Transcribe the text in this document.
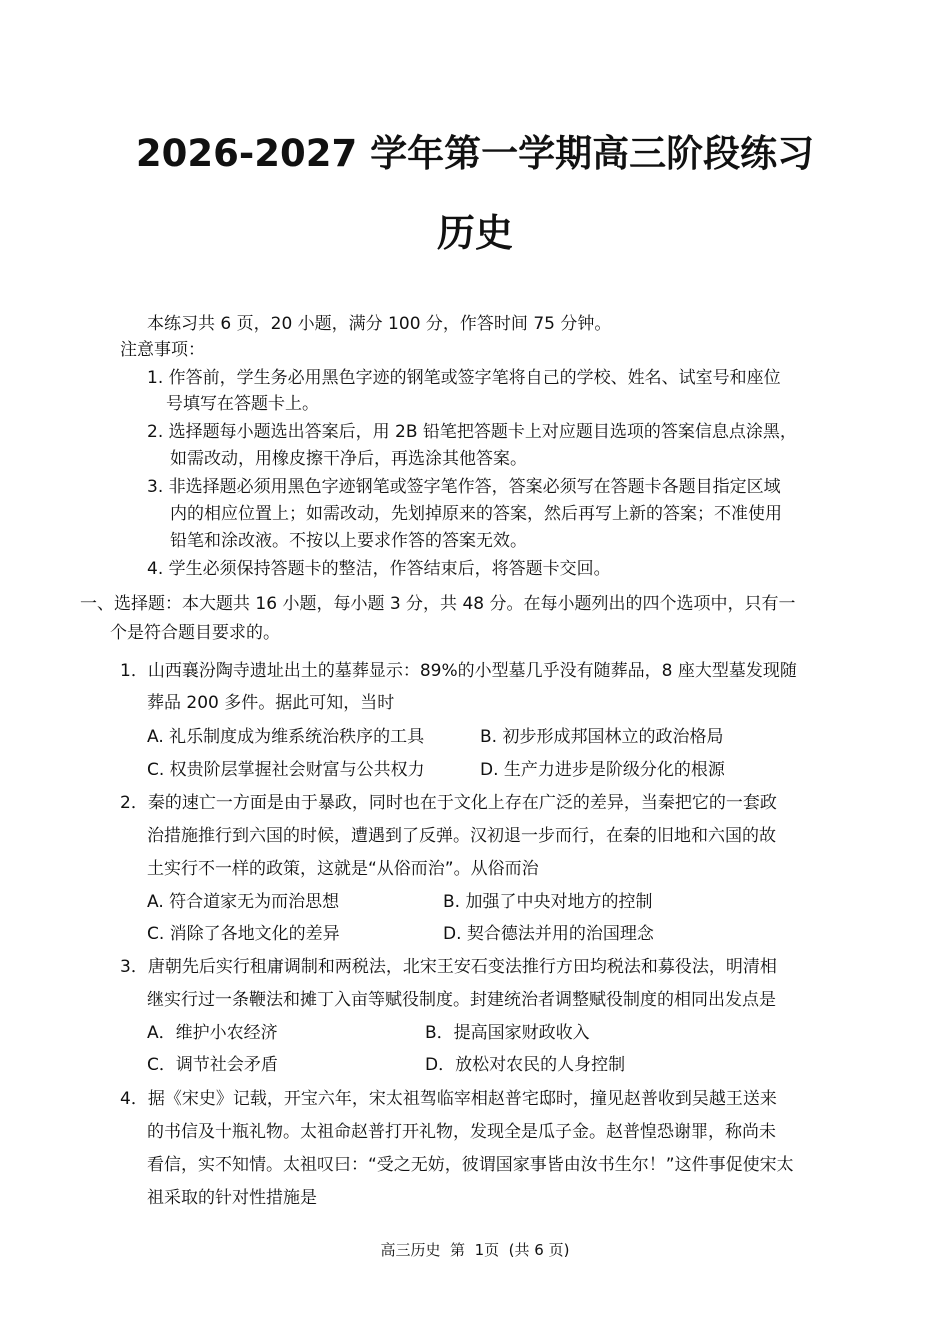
2026-2027 学年第一学期高三阶段练习
历史
本练习共 6 页，20 小题，满分 100 分，作答时间 75 分钟。
注意事项：
1. 作答前，学生务必用黑色字迹的钢笔或签字笔将自己的学校、姓名、试室号和座位
号填写在答题卡上。
2. 选择题每小题选出答案后，用 2B 铅笔把答题卡上对应题目选项的答案信息点涂黑，
如需改动，用橡皮擦干净后，再选涂其他答案。
3. 非选择题必须用黑色字迹钢笔或签字笔作答，答案必须写在答题卡各题目指定区域
内的相应位置上；如需改动，先划掉原来的答案，然后再写上新的答案；不准使用
铅笔和涂改液。不按以上要求作答的答案无效。
4. 学生必须保持答题卡的整洁，作答结束后，将答题卡交回。
一、选择题：本大题共 16 小题，每小题 3 分，共 48 分。在每小题列出的四个选项中，只有一
个是符合题目要求的。
1．山西襄汾陶寺遗址出土的墓葬显示：89%的小型墓几乎没有随葬品，8 座大型墓发现随
葬品 200 多件。据此可知，当时
A. 礼乐制度成为维系统治秩序的工具	B. 初步形成邦国林立的政治格局
C. 权贵阶层掌握社会财富与公共权力	D. 生产力进步是阶级分化的根源
2．秦的速亡一方面是由于暴政，同时也在于文化上存在广泛的差异，当秦把它的一套政
治措施推行到六国的时候，遭遇到了反弹。汉初退一步而行，在秦的旧地和六国的故
土实行不一样的政策，这就是“从俗而治”。从俗而治
A. 符合道家无为而治思想	B. 加强了中央对地方的控制
C. 消除了各地文化的差异	D. 契合德法并用的治国理念
3．唐朝先后实行租庸调制和两税法，北宋王安石变法推行方田均税法和募役法，明清相
继实行过一条鞭法和摊丁入亩等赋役制度。封建统治者调整赋役制度的相同出发点是
A．维护小农经济	B．提高国家财政收入
C．调节社会矛盾	D．放松对农民的人身控制
4．据《宋史》记载，开宝六年，宋太祖驾临宰相赵普宅邸时，撞见赵普收到吴越王送来
的书信及十瓶礼物。太祖命赵普打开礼物，发现全是瓜子金。赵普惶恐谢罪，称尚未
看信，实不知情。太祖叹曰：“受之无妨，彼谓国家事皆由汝书生尔！”这件事促使宋太
祖采取的针对性措施是
高三历史  第  1页  (共 6 页)
